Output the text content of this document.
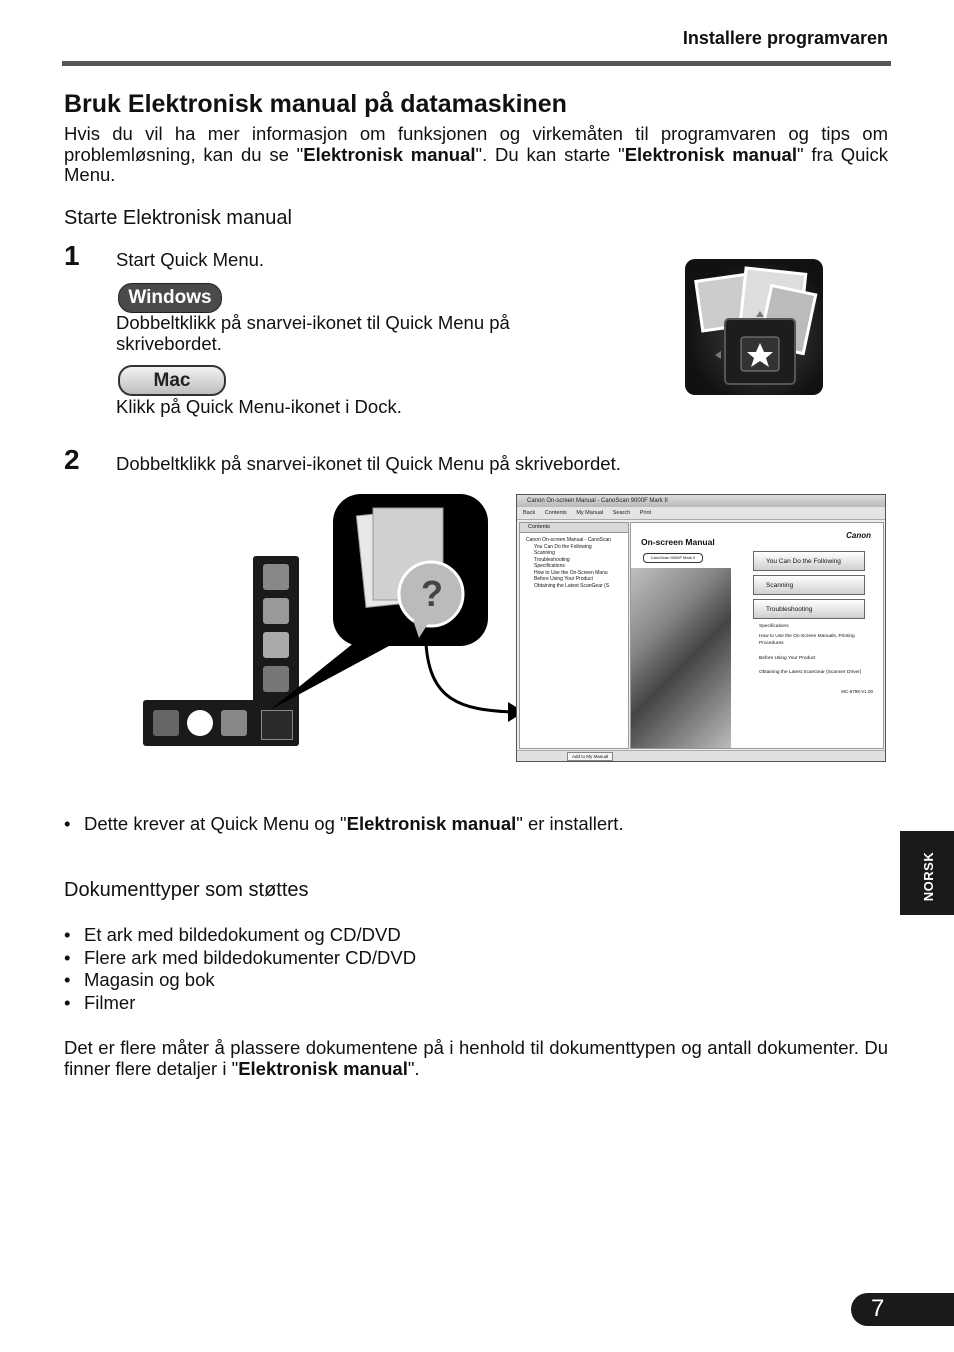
Installere programvaren
Bruk Elektronisk manual på datamaskinen
Hvis du vil ha mer informasjon om funksjonen og virkemåten til programvaren og tips om problemløsning, kan du se "Elektronisk manual". Du kan starte "Elektronisk manual" fra Quick Menu.
Starte Elektronisk manual
1 Start Quick Menu.
Windows
Dobbeltklikk på snarvei-ikonet til Quick Menu på skrivebordet.
Mac
Klikk på Quick Menu-ikonet i Dock.
2 Dobbeltklikk på snarvei-ikonet til Quick Menu på skrivebordet.
?
Canon On-screen Manual - CanoScan 9000F Mark II
Back Contents My Manual Search Print
Contents
Canon On-screen Manual - CanoScan
You Can Do the Following
Scanning
Troubleshooting
Specifications
How to Use the On-Screen Manu
Before Using Your Product
Obtaining the Latest ScanGear (S
On-screen Manual
CanoScan 9000F Mark II
Canon
You Can Do the Following
Scanning
Troubleshooting
Specifications
How to Use the On-Screen Manuals, Printing Procedures
Before Using Your Product
Obtaining the Latest ScanGear (Scanner Driver)
MC-6798-V1.00
Add to My Manual
• Dette krever at Quick Menu og "Elektronisk manual" er installert.
Dokumenttyper som støttes
• Et ark med bildedokument og CD/DVD
• Flere ark med bildedokumenter CD/DVD
• Magasin og bok
• Filmer
Det er flere måter å plassere dokumentene på i henhold til dokumenttypen og antall dokumenter. Du finner flere detaljer i "Elektronisk manual".
NORSK
7
